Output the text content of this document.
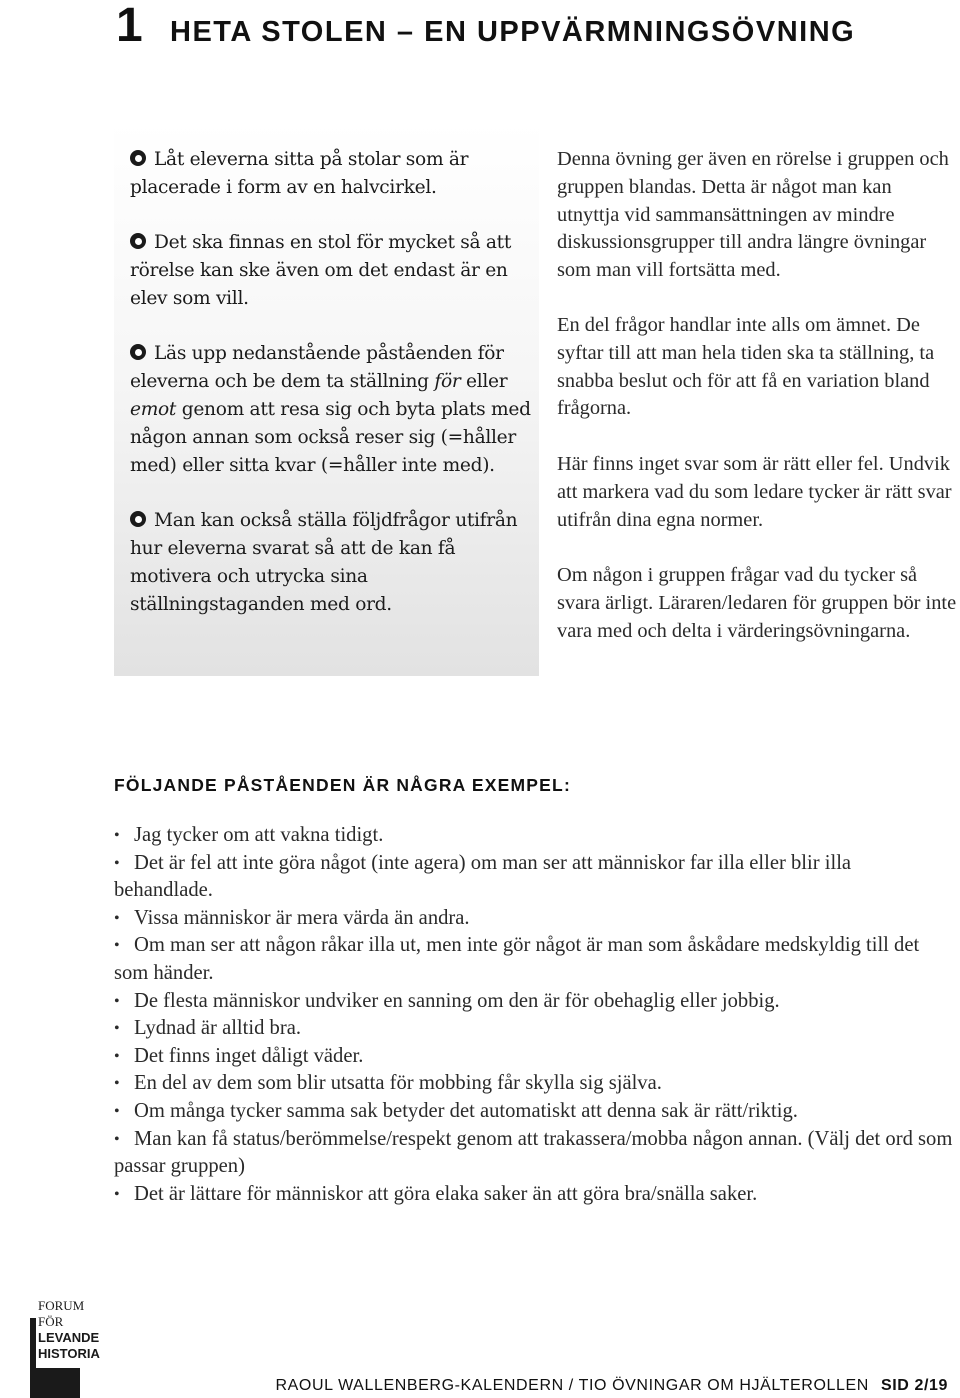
1 HETA STOLEN – EN UPPVÄRMNINGSÖVNING
Låt eleverna sitta på stolar som är placerade i form av en halvcirkel.
Det ska finnas en stol för mycket så att rörelse kan ske även om det endast är en elev som vill.
Läs upp nedanstående påståenden för eleverna och be dem ta ställning för eller emot genom att resa sig och byta plats med någon annan som också reser sig (=håller med) eller sitta kvar (=håller inte med).
Man kan också ställa följdfrågor utifrån hur eleverna svarat så att de kan få motivera och utrycka sina ställningstaganden med ord.

Denna övning ger även en rörelse i gruppen och gruppen blandas. Detta är något man kan utnyttja vid sammansättningen av mindre diskussionsgrupper till andra längre övningar som man vill fortsätta med.

En del frågor handlar inte alls om ämnet. De syftar till att man hela tiden ska ta ställning, ta snabba beslut och för att få en variation bland frågorna.

Här finns inget svar som är rätt eller fel. Undvik att markera vad du som ledare tycker är rätt svar utifrån dina egna normer.

Om någon i gruppen frågar vad du tycker så svara ärligt. Läraren/ledaren för gruppen bör inte vara med och delta i värderingsövningarna.

FÖLJANDE PÅSTÅENDEN ÄR NÅGRA EXEMPEL:
• Jag tycker om att vakna tidigt.
• Det är fel att inte göra något (inte agera) om man ser att människor far illa eller blir illa behandlade.
• Vissa människor är mera värda än andra.
• Om man ser att någon råkar illa ut, men inte gör något är man som åskådare medskyldig till det som händer.
• De flesta människor undviker en sanning om den är för obehaglig eller jobbig.
• Lydnad är alltid bra.
• Det finns inget dåligt väder.
• En del av dem som blir utsatta för mobbing får skylla sig själva.
• Om många tycker samma sak betyder det automatiskt att denna sak är rätt/riktig.
• Man kan få status/berömmelse/respekt genom att trakassera/mobba någon annan. (Välj det ord som passar gruppen)
• Det är lättare för människor att göra elaka saker än att göra bra/snälla saker.
FORUM
FÖR
LEVANDE
HISTORIA
RAOUL WALLENBERG-KALENDERN / TIO ÖVNINGAR OM HJÄLTEROLLEN SID 2/19
